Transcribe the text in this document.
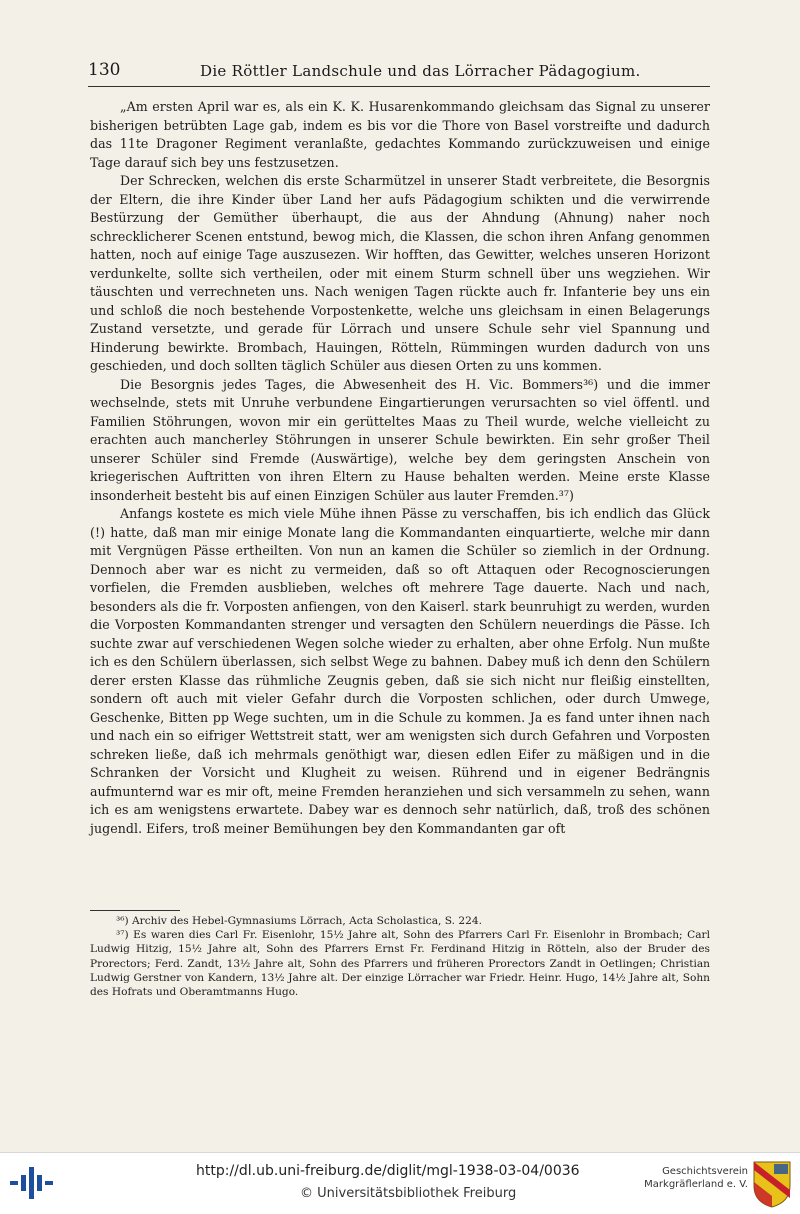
130	Die Röttler Landschule und das Lörracher Pädagogium.

„Am ersten April war es, als ein K. K. Husarenkommando gleichsam das Signal zu unserer bisherigen betrübten Lage gab, indem es bis vor die Thore von Basel vorstreifte und dadurch das 11te Dragoner Regiment veranlaßte, gedachtes Kommando zurückzuweisen und einige Tage darauf sich bey uns festzusetzen.

Der Schrecken, welchen dis erste Scharmützel in unserer Stadt verbreitete, die Besorgnis der Eltern, die ihre Kinder über Land her aufs Pädagogium schikten und die verwirrende Bestürzung der Gemüther überhaupt, die aus der Ahndung (Ahnung) naher noch schrecklicherer Scenen entstund, bewog mich, die Klassen, die schon ihren Anfang genommen hatten, noch auf einige Tage auszusezen. Wir hofften, das Gewitter, welches unseren Horizont verdunkelte, sollte sich vertheilen, oder mit einem Sturm schnell über uns wegziehen. Wir täuschten und verrechneten uns. Nach wenigen Tagen rückte auch fr. Infanterie bey uns ein und schloß die noch bestehende Vorpostenkette, welche uns gleichsam in einen Belagerungs Zustand versetzte, und gerade für Lörrach und unsere Schule sehr viel Spannung und Hinderung bewirkte. Brombach, Hauingen, Rötteln, Rümmingen wurden dadurch von uns geschieden, und doch sollten täglich Schüler aus diesen Orten zu uns kommen.

Die Besorgnis jedes Tages, die Abwesenheit des H. Vic. Bommers³⁶) und die immer wechselnde, stets mit Unruhe verbundene Eingartierungen verursachten so viel öffentl. und Familien Stöhrungen, wovon mir ein gerütteltes Maas zu Theil wurde, welche vielleicht zu erachten auch mancherley Stöhrungen in unserer Schule bewirkten. Ein sehr großer Theil unserer Schüler sind Fremde (Auswärtige), welche bey dem geringsten Anschein von kriegerischen Auftritten von ihren Eltern zu Hause behalten werden. Meine erste Klasse insonderheit besteht bis auf einen Einzigen Schüler aus lauter Fremden.³⁷)

Anfangs kostete es mich viele Mühe ihnen Pässe zu verschaffen, bis ich endlich das Glück (!) hatte, daß man mir einige Monate lang die Kommandanten einquartierte, welche mir dann mit Vergnügen Pässe ertheilten. Von nun an kamen die Schüler so ziemlich in der Ordnung. Dennoch aber war es nicht zu vermeiden, daß so oft Attaquen oder Recognoscierungen vorfielen, die Fremden ausblieben, welches oft mehrere Tage dauerte. Nach und nach, besonders als die fr. Vorposten anfiengen, von den Kaiserl. stark beunruhigt zu werden, wurden die Vorposten Kommandanten strenger und versagten den Schülern neuerdings die Pässe. Ich suchte zwar auf verschiedenen Wegen solche wieder zu erhalten, aber ohne Erfolg. Nun mußte ich es den Schülern überlassen, sich selbst Wege zu bahnen. Dabey muß ich denn den Schülern derer ersten Klasse das rühmliche Zeugnis geben, daß sie sich nicht nur fleißig einstellten, sondern oft auch mit vieler Gefahr durch die Vorposten schlichen, oder durch Umwege, Geschenke, Bitten pp Wege suchten, um in die Schule zu kommen. Ja es fand unter ihnen nach und nach ein so eifriger Wettstreit statt, wer am wenigsten sich durch Gefahren und Vorposten schreken ließe, daß ich mehrmals genöthigt war, diesen edlen Eifer zu mäßigen und in die Schranken der Vorsicht und Klugheit zu weisen. Rührend und in eigener Bedrängnis aufmunternd war es mir oft, meine Fremden heranziehen und sich versammeln zu sehen, wann ich es am wenigstens erwartete. Dabey war es dennoch sehr natürlich, daß, troß des schönen jugendl. Eifers, troß meiner Bemühungen bey den Kommandanten gar oft

³⁶) Archiv des Hebel-Gymnasiums Lörrach, Acta Scholastica, S. 224.

³⁷) Es waren dies Carl Fr. Eisenlohr, 15½ Jahre alt, Sohn des Pfarrers Carl Fr. Eisenlohr in Brombach; Carl Ludwig Hitzig, 15½ Jahre alt, Sohn des Pfarrers Ernst Fr. Ferdinand Hitzig in Rötteln, also der Bruder des Prorectors; Ferd. Zandt, 13½ Jahre alt, Sohn des Pfarrers und früheren Prorectors Zandt in Oetlingen; Christian Ludwig Gerstner von Kandern, 13½ Jahre alt. Der einzige Lörracher war Friedr. Heinr. Hugo, 14½ Jahre alt, Sohn des Hofrats und Oberamtmanns Hugo.

http://dl.ub.uni-freiburg.de/diglit/mgl-1938-03-04/0036
© Universitätsbibliothek Freiburg
Geschichtsverein
Markgräflerland e. V.
